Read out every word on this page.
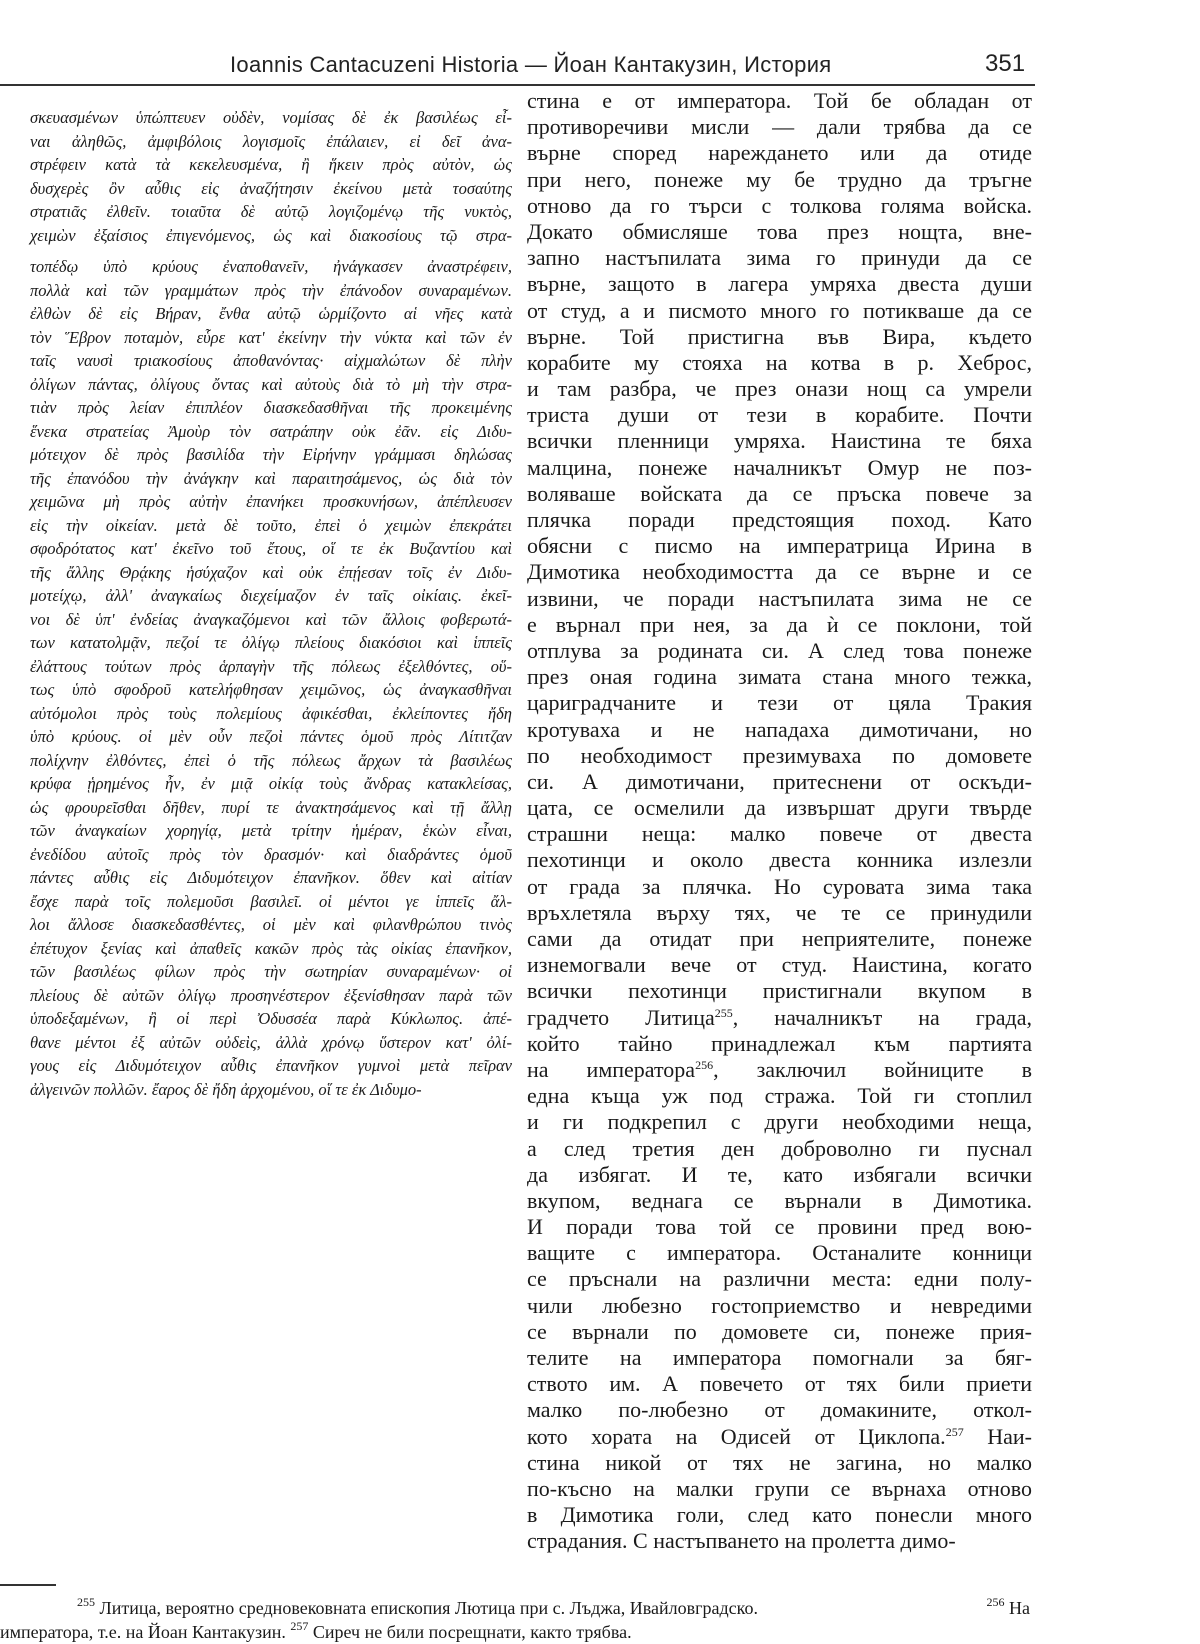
Ioannis Cantacuzeni Historia — Йоан Кантакузин, История	351
σκευασμένων ὑπώπτευεν οὐδὲν, νομίσας δὲ ἐκ βασιλέως εἶ-
ναι ἀληθῶς, ἀμφιβόλοις λογισμοῖς ἐπάλαιεν, εἰ δεῖ ἀνα-
στρέφειν κατὰ τὰ κεκελευσμένα, ἢ ἥκειν πρὸς αὐτὸν, ὡς
δυσχερὲς ὂν αὖθις εἰς ἀναζήτησιν ἐκείνου μετὰ τοσαύτης
στρατιᾶς ἐλθεῖν. τοιαῦτα δὲ αὐτῷ λογιζομένῳ τῆς νυκτὸς,
χειμὼν ἐξαίσιος ἐπιγενόμενος, ὡς καὶ διακοσίους τῷ στρα-
τοπέδῳ ὑπὸ κρύους ἐναποθανεῖν, ἠνάγκασεν ἀναστρέφειν,
πολλὰ καὶ τῶν γραμμάτων πρὸς τὴν ἐπάνοδον συναραμένων.
ἐλθὼν δὲ εἰς Βήραν, ἔνθα αὐτῷ ὡρμίζοντο αἱ νῆες κατὰ
τὸν Ἕβρον ποταμὸν, εὗρε κατ' ἐκείνην τὴν νύκτα καὶ τῶν ἐν
ταῖς ναυσὶ τριακοσίους ἀποθανόντας· αἰχμαλώτων δὲ πλὴν
ὀλίγων πάντας, ὀλίγους ὄντας καὶ αὐτοὺς διὰ τὸ μὴ τὴν στρα-
τιὰν πρὸς λείαν ἐπιπλέον διασκεδασθῆναι τῆς προκειμένης
ἕνεκα στρατείας Ἀμοὺρ τὸν σατράπην οὐκ ἐᾶν. εἰς Διδυ-
μότειχον δὲ πρὸς βασιλίδα τὴν Εἰρήνην γράμμασι δηλώσας
τῆς ἐπανόδου τὴν ἀνάγκην καὶ παραιτησάμενος, ὡς διὰ τὸν
χειμῶνα μὴ πρὸς αὐτὴν ἐπανήκει προσκυνήσων, ἀπέπλευσεν
εἰς τὴν οἰκείαν. μετὰ δὲ τοῦτο, ἐπεὶ ὁ χειμὼν ἐπεκράτει
σφοδρότατος κατ' ἐκεῖνο τοῦ ἔτους, οἵ τε ἐκ Βυζαντίου καὶ
τῆς ἄλλης Θρᾴκης ἡσύχαζον καὶ οὐκ ἐπῄεσαν τοῖς ἐν Διδυ-
μοτείχῳ, ἀλλ' ἀναγκαίως διεχείμαζον ἐν ταῖς οἰκίαις. ἐκεῖ-
νοι δὲ ὑπ' ἐνδείας ἀναγκαζόμενοι καὶ τῶν ἄλλοις φοβερωτά-
των κατατολμᾷν, πεζοί τε ὀλίγῳ πλείους διακόσιοι καὶ ἱππεῖς
ἐλάττους τούτων πρὸς ἁρπαγὴν τῆς πόλεως ἐξελθόντες, οὕ-
τως ὑπὸ σφοδροῦ κατελήφθησαν χειμῶνος, ὡς ἀναγκασθῆναι
αὐτόμολοι πρὸς τοὺς πολεμίους ἀφικέσθαι, ἐκλείποντες ἤδη
ὑπὸ κρύους. οἱ μὲν οὖν πεζοὶ πάντες ὁμοῦ πρὸς Λίτιτζαν
πολίχνην ἐλθόντες, ἐπεὶ ὁ τῆς πόλεως ἄρχων τὰ βασιλέως
κρύφα ᾑρημένος ἦν, ἐν μιᾷ οἰκίᾳ τοὺς ἄνδρας κατακλείσας,
ὡς φρουρεῖσθαι δῆθεν, πυρί τε ἀνακτησάμενος καὶ τῇ ἄλλῃ
τῶν ἀναγκαίων χορηγίᾳ, μετὰ τρίτην ἡμέραν, ἑκὼν εἶναι,
ἐνεδίδου αὐτοῖς πρὸς τὸν δρασμόν· καὶ διαδράντες ὁμοῦ
πάντες αὖθις εἰς Διδυμότειχον ἐπανῆκον. ὅθεν καὶ αἰτίαν
ἔσχε παρὰ τοῖς πολεμοῦσι βασιλεῖ. οἱ μέντοι γε ἱππεῖς ἄλ-
λοι ἄλλοσε διασκεδασθέντες, οἱ μὲν καὶ φιλανθρώπου τινὸς
ἐπέτυχον ξενίας καὶ ἀπαθεῖς κακῶν πρὸς τὰς οἰκίας ἐπανῆκον,
τῶν βασιλέως φίλων πρὸς τὴν σωτηρίαν συναραμένων· οἱ
πλείους δὲ αὐτῶν ὀλίγῳ προσηνέστερον ἐξενίσθησαν παρὰ τῶν
ὑποδεξαμένων, ἢ οἱ περὶ Ὀδυσσέα παρὰ Κύκλωπος. ἀπέ-
θανε μέντοι ἐξ αὐτῶν οὐδεὶς, ἀλλὰ χρόνῳ ὕστερον κατ' ὀλί-
γους εἰς Διδυμότειχον αὖθις ἐπανῆκον γυμνοὶ μετὰ πεῖραν
ἀλγεινῶν πολλῶν. ἔαρος δὲ ἤδη ἀρχομένου, οἵ τε ἐκ Διδυμο-
стина е от императора. Той бе обладан от
противоречиви мисли — дали трябва да се
върне според нареждането или да отиде
при него, понеже му бе трудно да тръгне
отново да го търси с толкова голяма войска.
Докато обмисляше това през нощта, вне-
запно настъпилата зима го принуди да се
върне, защото в лагера умряха двеста души
от студ, а и писмото много го потикваше да се
върне. Той пристигна във Вира, където
корабите му стояха на котва в р. Хеброс,
и там разбра, че през онази нощ са умрели
триста души от тези в корабите. Почти
всички пленници умряха. Наистина те бяха
малцина, понеже началникът Омур не поз-
воляваше войската да се пръска повече за
плячка поради предстоящия поход. Като
обясни с писмо на императрица Ирина в
Димотика необходимостта да се върне и се
извини, че поради настъпилата зима не се
е върнал при нея, за да ѝ се поклони, той
отплува за родината си. А след това понеже
през оная година зимата стана много тежка,
цариградчаните и тези от цяла Тракия
кротуваха и не нападаха димотичани, но
по необходимост презимуваха по домовете
си. А димотичани, притеснени от оскъди-
цата, се осмелили да извършат други твърде
страшни неща: малко повече от двеста
пехотинци и около двеста конника излезли
от града за плячка. Но суровата зима така
връхлетяла върху тях, че те се принудили
сами да отидат при неприятелите, понеже
изнемогвали вече от студ. Наистина, когато
всички пехотинци пристигнали вкупом в
градчето Литица$^{255}$, началникът на града,
който тайно принадлежал към партията
на императора$^{256}$, заключил войниците в
една къща уж под стража. Той ги стоплил
и ги подкрепил с други необходими неща,
а след третия ден доброволно ги пуснал
да избягат. И те, като избягали всички
вкупом, веднага се върнали в Димотика.
И поради това той се провини пред вою-
ващите с императора. Останалите конници
се пръснали на различни места: едни полу-
чили любезно гостоприемство и невредими
се върнали по домовете си, понеже прия-
телите на императора помогнали за бяг-
ството им. А повечето от тях били приети
малко по-любезно от домакините, откол-
кото хората на Одисей от Циклопа.$^{257}$ Наи-
стина никой от тях не загина, но малко
по-късно на малки групи се върнаха отново
в Димотика голи, след като понесли много
страдания. С настъпването на пролетта димо-
$^{255}$ Литица, вероятно средновековната епископия Лютица при с. Лъджа, Ивайловградско.	$^{256}$ На
императора, т.е. на Йоан Кантакузин. $^{257}$ Сиреч не били посрещнати, както трябва.
